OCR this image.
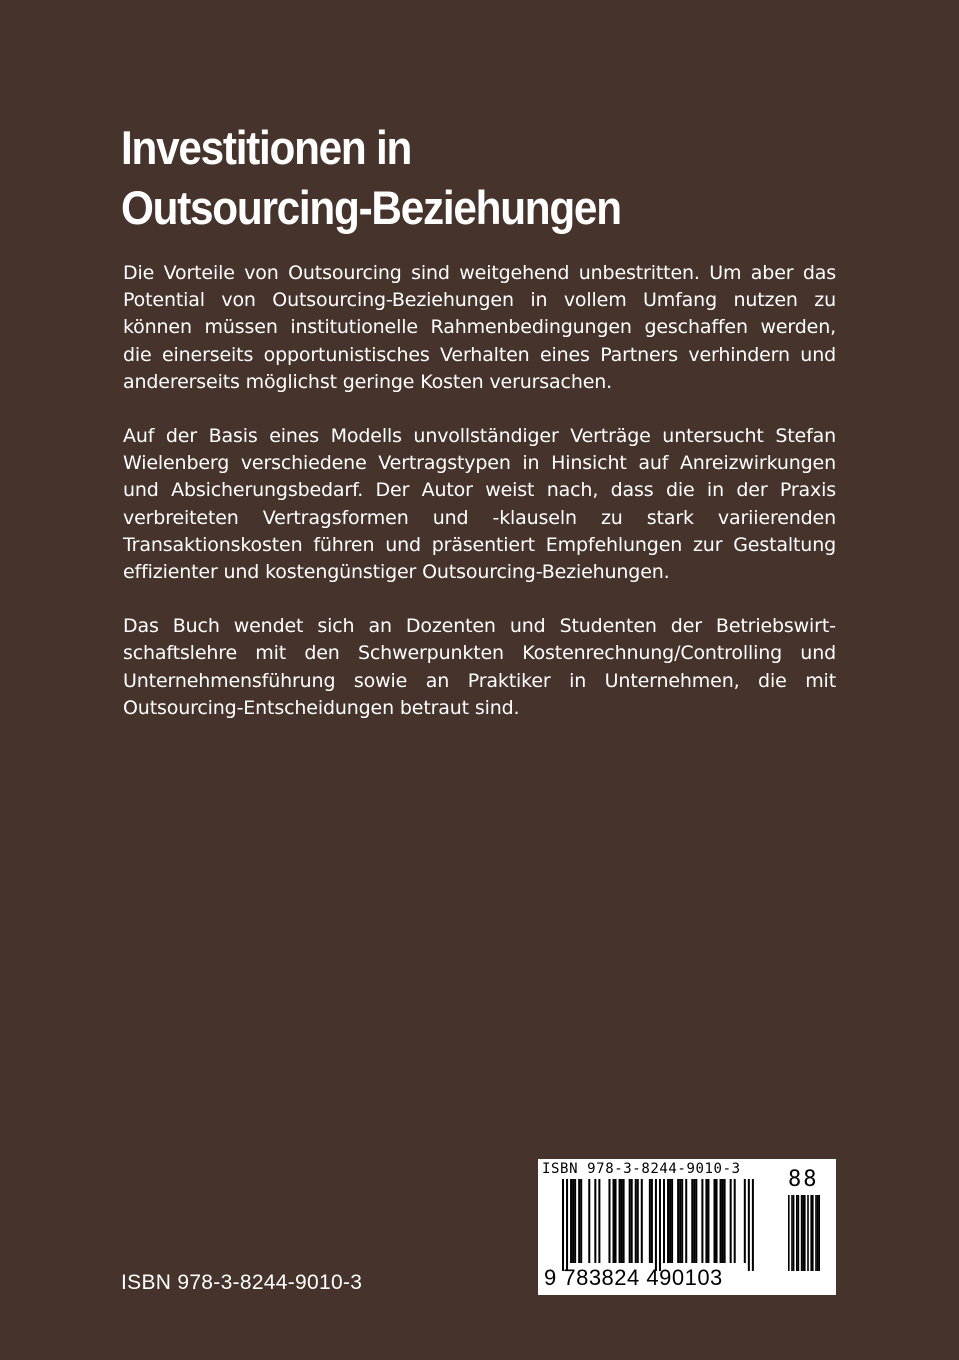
Investitionen in
Outsourcing-Beziehungen

Die Vorteile von Outsourcing sind weitgehend unbestritten. Um aber das Potential von Outsourcing-Beziehungen in vollem Umfang nutzen zu können müssen institutionelle Rahmenbedingungen geschaffen werden, die einerseits opportunistisches Verhalten eines Partners verhindern und andererseits möglichst geringe Kosten verursachen.

Auf der Basis eines Modells unvollständiger Verträge untersucht Stefan Wielenberg verschiedene Vertragstypen in Hinsicht auf Anreizwirkungen und Absicherungsbedarf. Der Autor weist nach, dass die in der Praxis verbreiteten Vertragsformen und -klauseln zu stark variierenden Transaktionskosten führen und präsentiert Empfehlungen zur Gestaltung effizienter und kostengünstiger Outsourcing-Beziehungen.

Das Buch wendet sich an Dozenten und Studenten der Betriebswirtschaftslehre mit den Schwerpunkten Kostenrechnung/Controlling und Unternehmensführung sowie an Praktiker in Unternehmen, die mit Outsourcing-Entscheidungen betraut sind.

ISBN 978-3-8244-9010-3
ISBN 978-3-8244-9010-3 88
9 783824 490103
